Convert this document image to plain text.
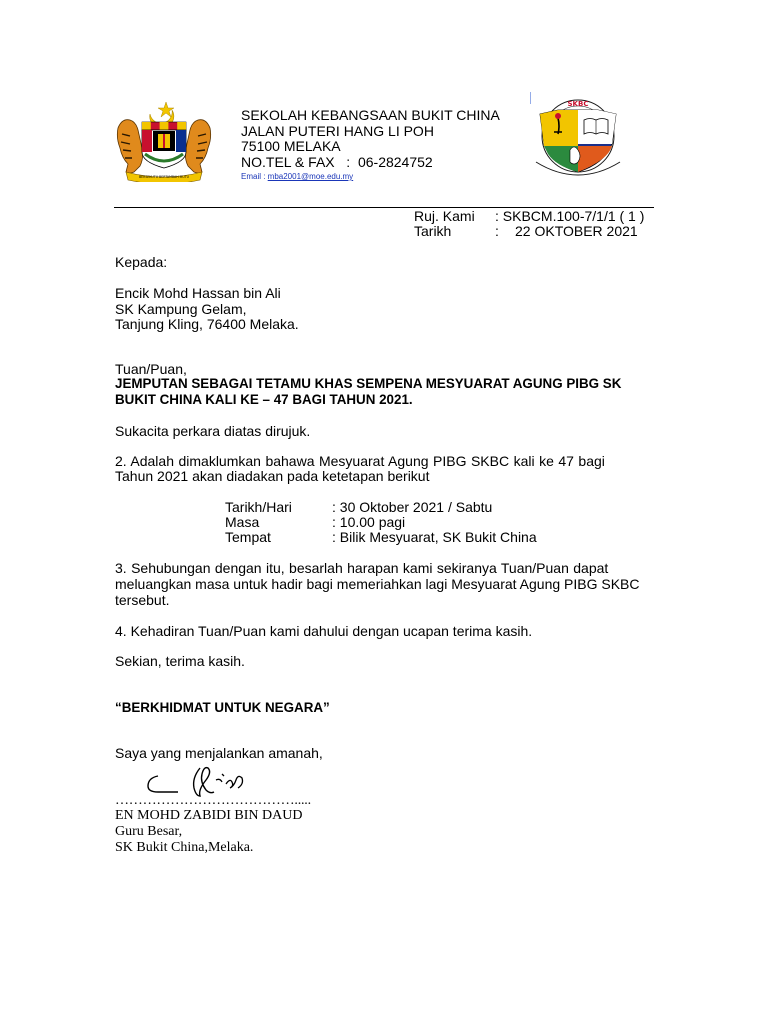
BERSEKUTU BERTAMBAH MUTU
SEKOLAH KEBANGSAAN BUKIT CHINA
JALAN PUTERI HANG LI POH
75100 MELAKA
NO.TEL & FAX   : 06-2824752
Email : mba2001@moe.edu.my
SKBC
Ruj. Kami : SKBCM.100-7/1/1 ( 1 )
Tarikh	: 22 OKTOBER 2021
Kepada:
Encik Mohd Hassan bin Ali
SK Kampung Gelam,
Tanjung Kling, 76400 Melaka.
Tuan/Puan,
JEMPUTAN SEBAGAI TETAMU KHAS SEMPENA MESYUARAT AGUNG PIBG SK
BUKIT CHINA KALI KE – 47 BAGI TAHUN 2021.
Sukacita perkara diatas dirujuk.
2. Adalah dimaklumkan bahawa Mesyuarat Agung PIBG SKBC kali ke 47 bagi
Tahun 2021 akan diadakan pada ketetapan berikut
Tarikh/Hari	: 30 Oktober 2021 / Sabtu
Masa	: 10.00 pagi
Tempat	: Bilik Mesyuarat, SK Bukit China
3. Sehubungan dengan itu, besarlah harapan kami sekiranya Tuan/Puan dapat
meluangkan masa untuk hadir bagi memeriahkan lagi Mesyuarat Agung PIBG SKBC
tersebut.
4. Kehadiran Tuan/Puan kami dahului dengan ucapan terima kasih.
Sekian, terima kasih.
“BERKHIDMAT UNTUK NEGARA”
Saya yang menjalankan amanah,
………………………………….....
EN MOHD ZABIDI BIN DAUD
Guru Besar,
SK Bukit China,Melaka.
